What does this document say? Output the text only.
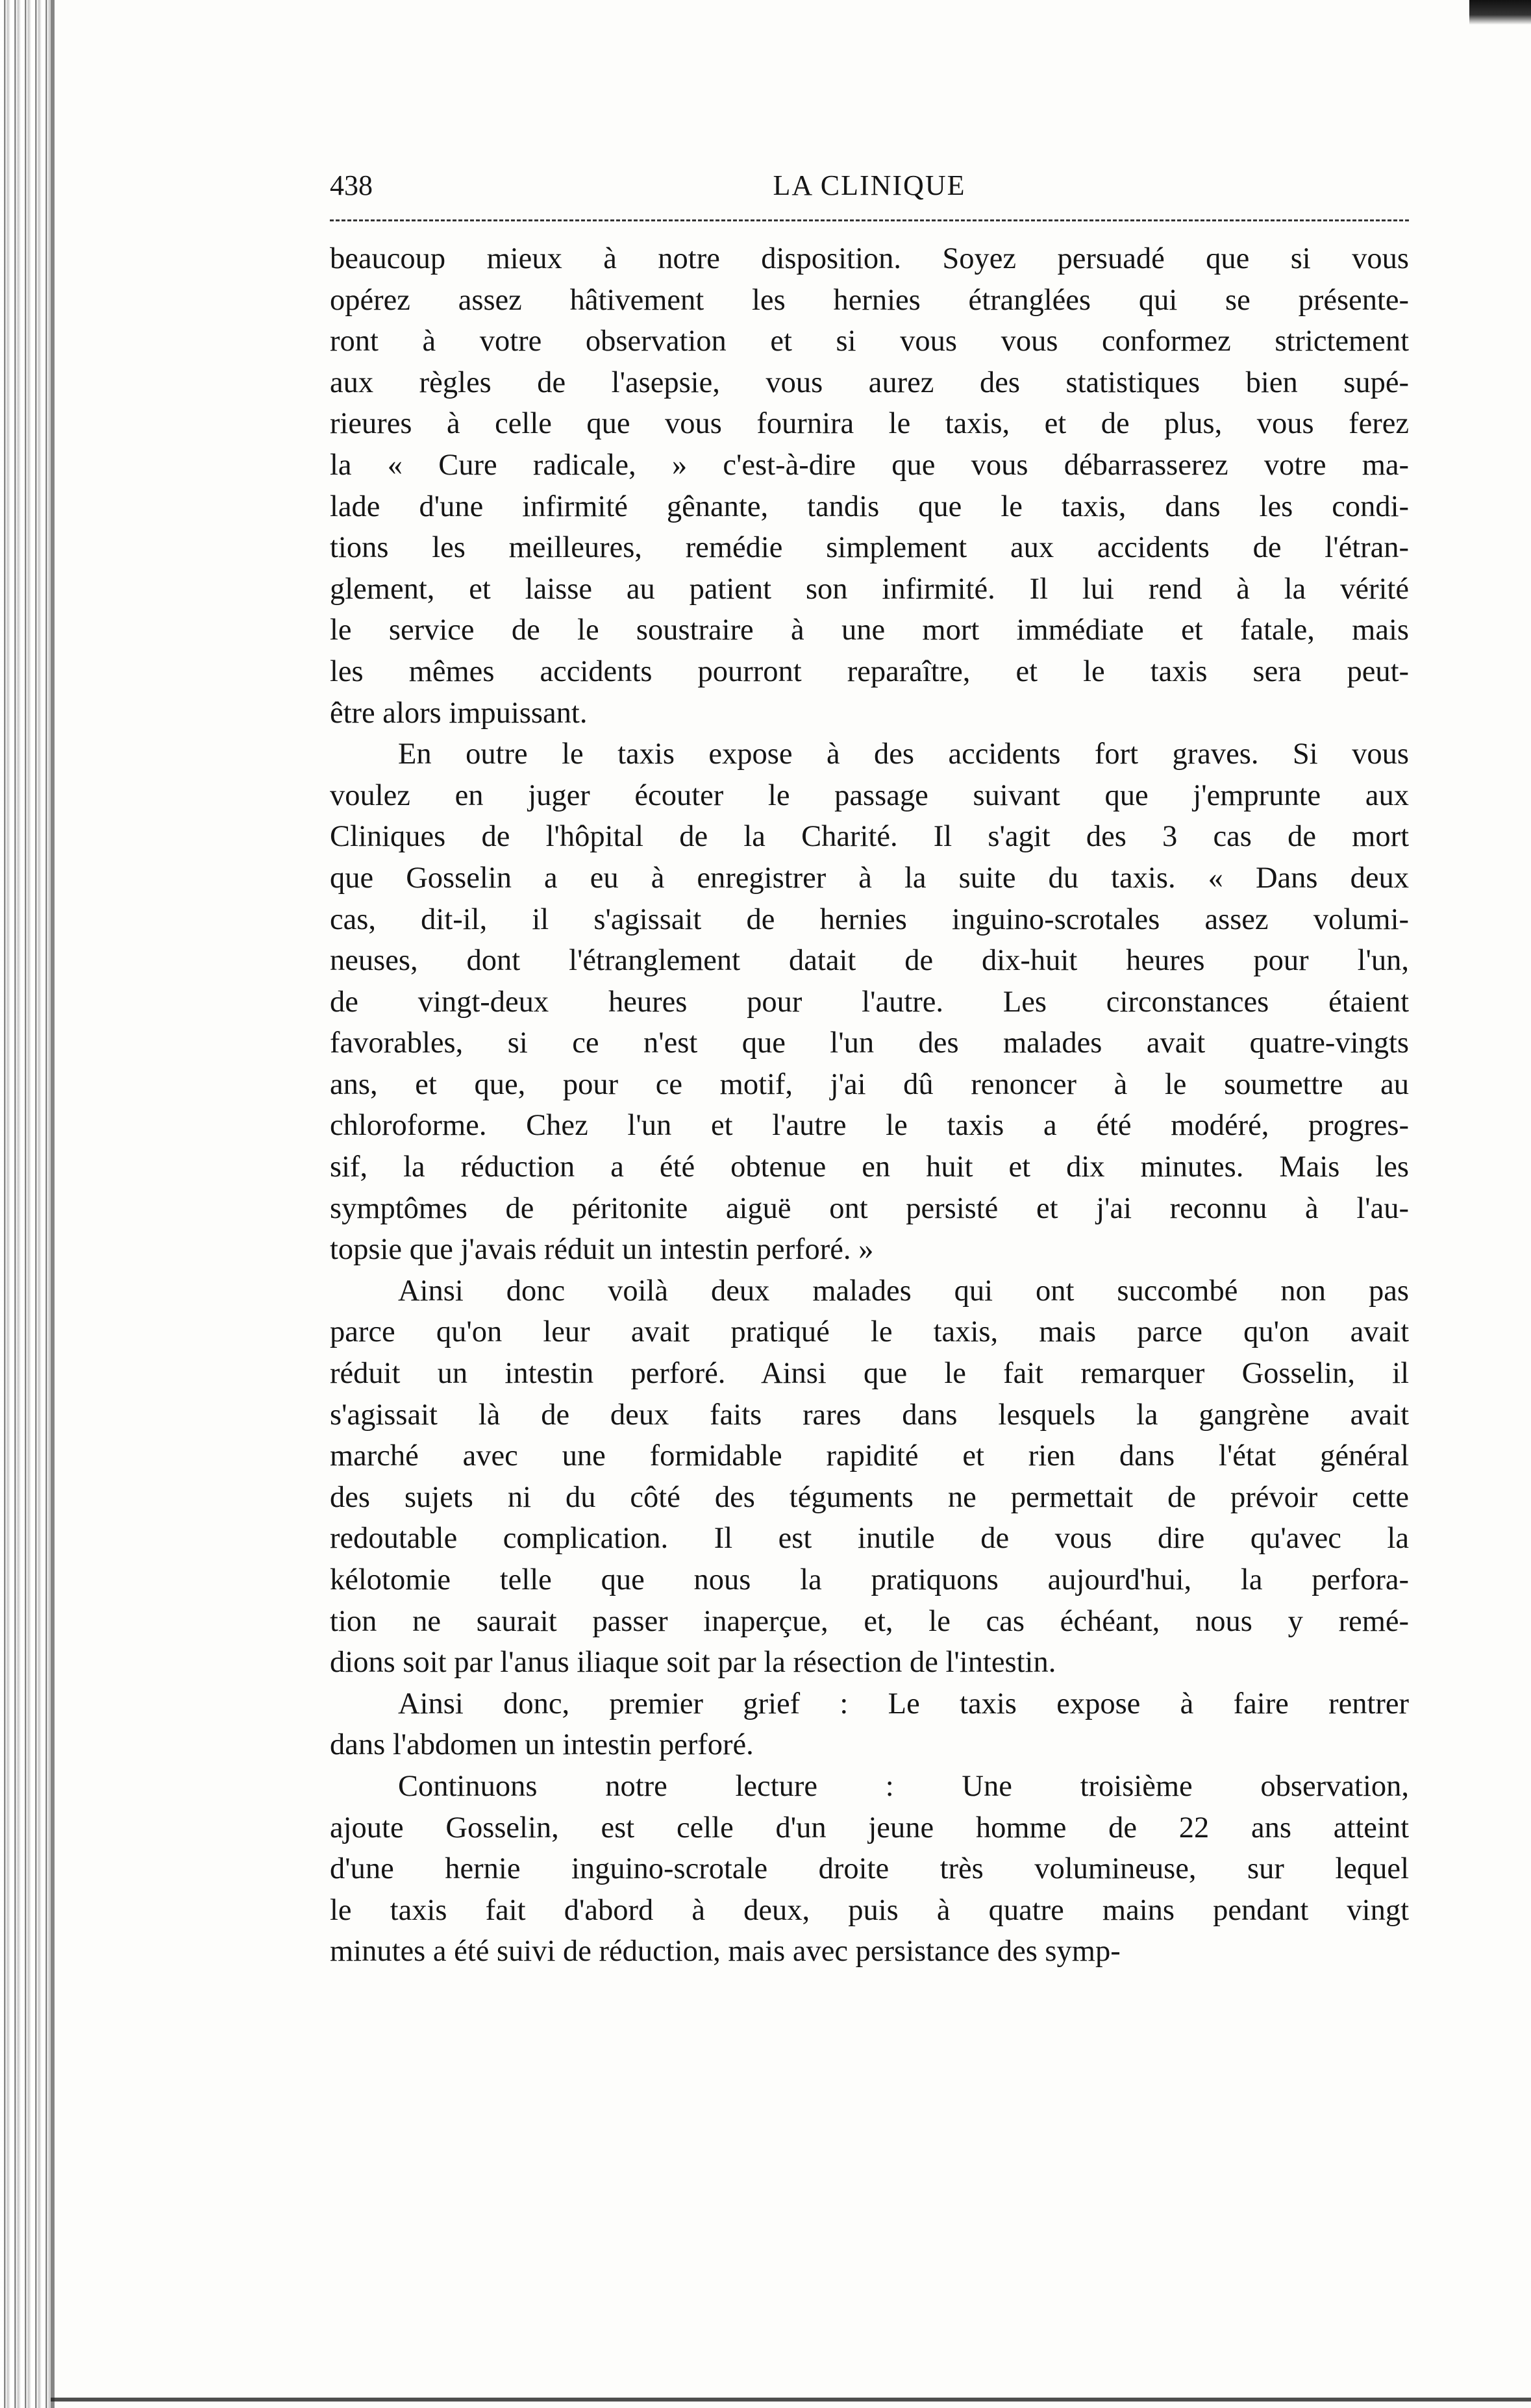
438	LA CLINIQUE

beaucoup mieux à notre disposition. Soyez persuadé que si vous
opérez assez hâtivement les hernies étranglées qui se présente-
ront à votre observation et si vous vous conformez strictement
aux règles de l'asepsie, vous aurez des statistiques bien supé-
rieures à celle que vous fournira le taxis, et de plus, vous ferez
la « Cure radicale, » c'est-à-dire que vous débarrasserez votre ma-
lade d'une infirmité gênante, tandis que le taxis, dans les condi-
tions les meilleures, remédie simplement aux accidents de l'étran-
glement, et laisse au patient son infirmité. Il lui rend à la vérité
le service de le soustraire à une mort immédiate et fatale, mais
les mêmes accidents pourront reparaître, et le taxis sera peut-
être alors impuissant.

En outre le taxis expose à des accidents fort graves. Si vous
voulez en juger écouter le passage suivant que j'emprunte aux
Cliniques de l'hôpital de la Charité. Il s'agit des 3 cas de mort
que Gosselin a eu à enregistrer à la suite du taxis. « Dans deux
cas, dit-il, il s'agissait de hernies inguino-scrotales assez volumi-
neuses, dont l'étranglement datait de dix-huit heures pour l'un,
de vingt-deux heures pour l'autre. Les circonstances étaient
favorables, si ce n'est que l'un des malades avait quatre-vingts
ans, et que, pour ce motif, j'ai dû renoncer à le soumettre au
chloroforme. Chez l'un et l'autre le taxis a été modéré, progres-
sif, la réduction a été obtenue en huit et dix minutes. Mais les
symptômes de péritonite aiguë ont persisté et j'ai reconnu à l'au-
topsie que j'avais réduit un intestin perforé. »

Ainsi donc voilà deux malades qui ont succombé non pas
parce qu'on leur avait pratiqué le taxis, mais parce qu'on avait
réduit un intestin perforé. Ainsi que le fait remarquer Gosselin, il
s'agissait là de deux faits rares dans lesquels la gangrène avait
marché avec une formidable rapidité et rien dans l'état général
des sujets ni du côté des téguments ne permettait de prévoir cette
redoutable complication. Il est inutile de vous dire qu'avec la
kélotomie telle que nous la pratiquons aujourd'hui, la perfora-
tion ne saurait passer inaperçue, et, le cas échéant, nous y remé-
dions soit par l'anus iliaque soit par la résection de l'intestin.

Ainsi donc, premier grief : Le taxis expose à faire rentrer
dans l'abdomen un intestin perforé.

Continuons notre lecture : Une troisième observation,
ajoute Gosselin, est celle d'un jeune homme de 22 ans atteint
d'une hernie inguino-scrotale droite très volumineuse, sur lequel
le taxis fait d'abord à deux, puis à quatre mains pendant vingt
minutes a été suivi de réduction, mais avec persistance des symp-
